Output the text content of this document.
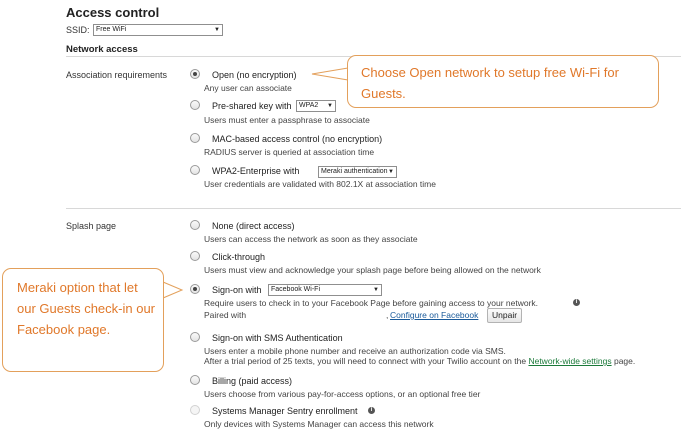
Access control
SSID: Free WiFi	▼
Network access
Association requirements	Open (no encryption)
Any user can associate
Pre-shared key with	WPA2 ▼
Users must enter a passphrase to associate
MAC-based access control (no encryption)
RADIUS server is queried at association time
WPA2-Enterprise with	Meraki authentication ▼
User credentials are validated with 802.1X at association time
Splash page	None (direct access)
Users can access the network as soon as they associate
Click-through
Users must view and acknowledge your splash page before being allowed on the network
Sign-on with	Facebook Wi-Fi	▼
Require users to check in to your Facebook Page before gaining access to your network.	i
Paired with	, Configure on Facebook	Unpair
Sign-on with SMS Authentication
Users enter a mobile phone number and receive an authorization code via SMS.
After a trial period of 25 texts, you will need to connect with your Twilio account on the Network-wide settings page.
Billing (paid access)
Users choose from various pay-for-access options, or an optional free tier
Systems Manager Sentry enrollment	i
Only devices with Systems Manager can access this network
Choose Open network to setup free Wi-Fi for Guests.
Meraki option that let our Guests check-in our Facebook page.
